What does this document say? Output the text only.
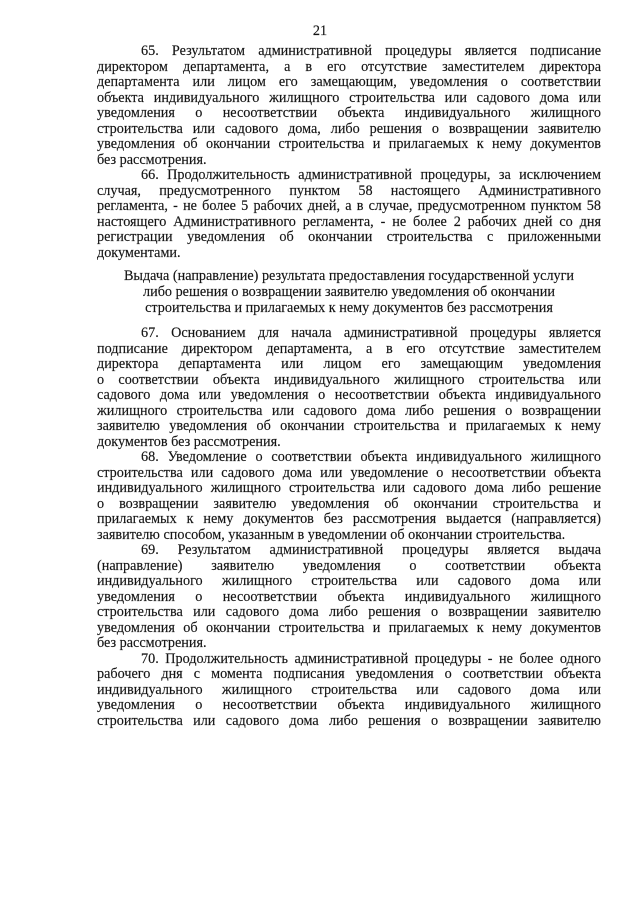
21
65. Результатом административной процедуры является подписание
директором департамента, а в его отсутствие заместителем директора
департамента или лицом его замещающим, уведомления о соответствии
объекта индивидуального жилищного строительства или садового дома или
уведомления о несоответствии объекта индивидуального жилищного
строительства или садового дома, либо решения о возвращении заявителю
уведомления об окончании строительства и прилагаемых к нему документов
без рассмотрения.
66. Продолжительность административной процедуры, за исключением
случая, предусмотренного пунктом 58 настоящего Административного
регламента, - не более 5 рабочих дней, а в случае, предусмотренном пунктом 58
настоящего Административного регламента, - не более 2 рабочих дней со дня
регистрации уведомления об окончании строительства с приложенными
документами.
Выдача (направление) результата предоставления государственной услуги
либо решения о возвращении заявителю уведомления об окончании
строительства и прилагаемых к нему документов без рассмотрения
67. Основанием для начала административной процедуры является
подписание директором департамента, а в его отсутствие заместителем
директора департамента или лицом его замещающим уведомления
о соответствии объекта индивидуального жилищного строительства или
садового дома или уведомления о несоответствии объекта индивидуального
жилищного строительства или садового дома либо решения о возвращении
заявителю уведомления об окончании строительства и прилагаемых к нему
документов без рассмотрения.
68. Уведомление о соответствии объекта индивидуального жилищного
строительства или садового дома или уведомление о несоответствии объекта
индивидуального жилищного строительства или садового дома либо решение
о возвращении заявителю уведомления об окончании строительства и
прилагаемых к нему документов без рассмотрения выдается (направляется)
заявителю способом, указанным в уведомлении об окончании строительства.
69. Результатом административной процедуры является выдача
(направление) заявителю уведомления о соответствии объекта
индивидуального жилищного строительства или садового дома или
уведомления о несоответствии объекта индивидуального жилищного
строительства или садового дома либо решения о возвращении заявителю
уведомления об окончании строительства и прилагаемых к нему документов
без рассмотрения.
70. Продолжительность административной процедуры - не более одного
рабочего дня с момента подписания уведомления о соответствии объекта
индивидуального жилищного строительства или садового дома или
уведомления о несоответствии объекта индивидуального жилищного
строительства или садового дома либо решения о возвращении заявителю
